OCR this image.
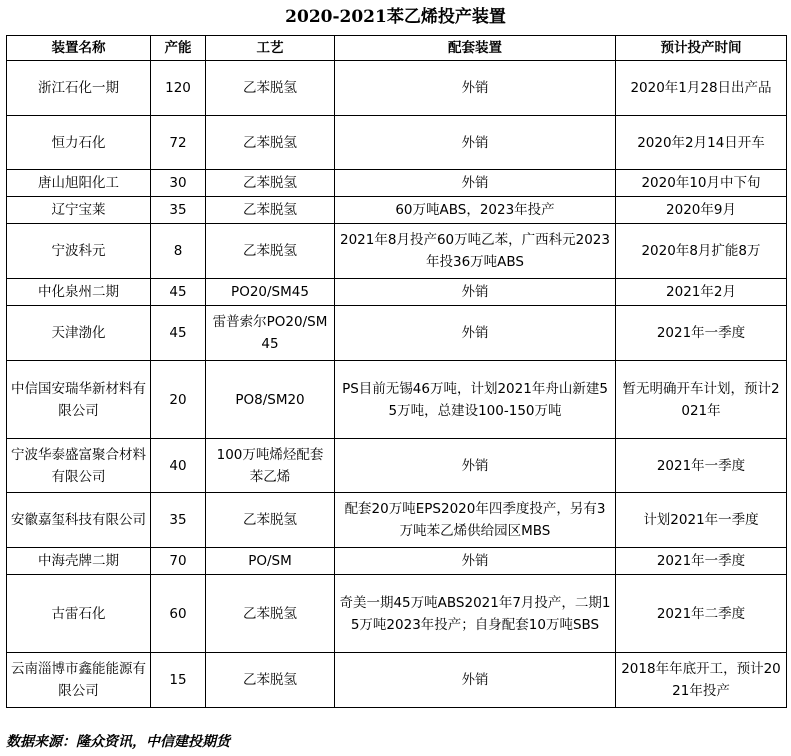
2020-2021苯乙烯投产装置
装置名称	产能	工艺	配套装置	预计投产时间
浙江石化一期	120	乙苯脱氢	外销	2020年1月28日出产品
恒力石化	72	乙苯脱氢	外销	2020年2月14日开车
唐山旭阳化工	30	乙苯脱氢	外销	2020年10月中下旬
辽宁宝莱	35	乙苯脱氢	60万吨ABS，2023年投产	2020年9月
宁波科元	8	乙苯脱氢	2021年8月投产60万吨乙苯，广西科元2023年投36万吨ABS	2020年8月扩能8万
中化泉州二期	45	PO20/SM45	外销	2021年2月
天津渤化	45	雷普索尔PO20/SM45	外销	2021年一季度
中信国安瑞华新材料有限公司	20	PO8/SM20	PS目前无锡46万吨，计划2021年舟山新建55万吨，总建设100-150万吨	暂无明确开车计划，预计2021年
宁波华泰盛富聚合材料有限公司	40	100万吨烯烃配套苯乙烯	外销	2021年一季度
安徽嘉玺科技有限公司	35	乙苯脱氢	配套20万吨EPS2020年四季度投产，另有3万吨苯乙烯供给园区MBS	计划2021年一季度
中海壳牌二期	70	PO/SM	外销	2021年一季度
古雷石化	60	乙苯脱氢	奇美一期45万吨ABS2021年7月投产，二期15万吨2023年投产；自身配套10万吨SBS	2021年二季度
云南淄博市鑫能能源有限公司	15	乙苯脱氢	外销	2018年年底开工，预计2021年投产
数据来源：隆众资讯，中信建投期货
